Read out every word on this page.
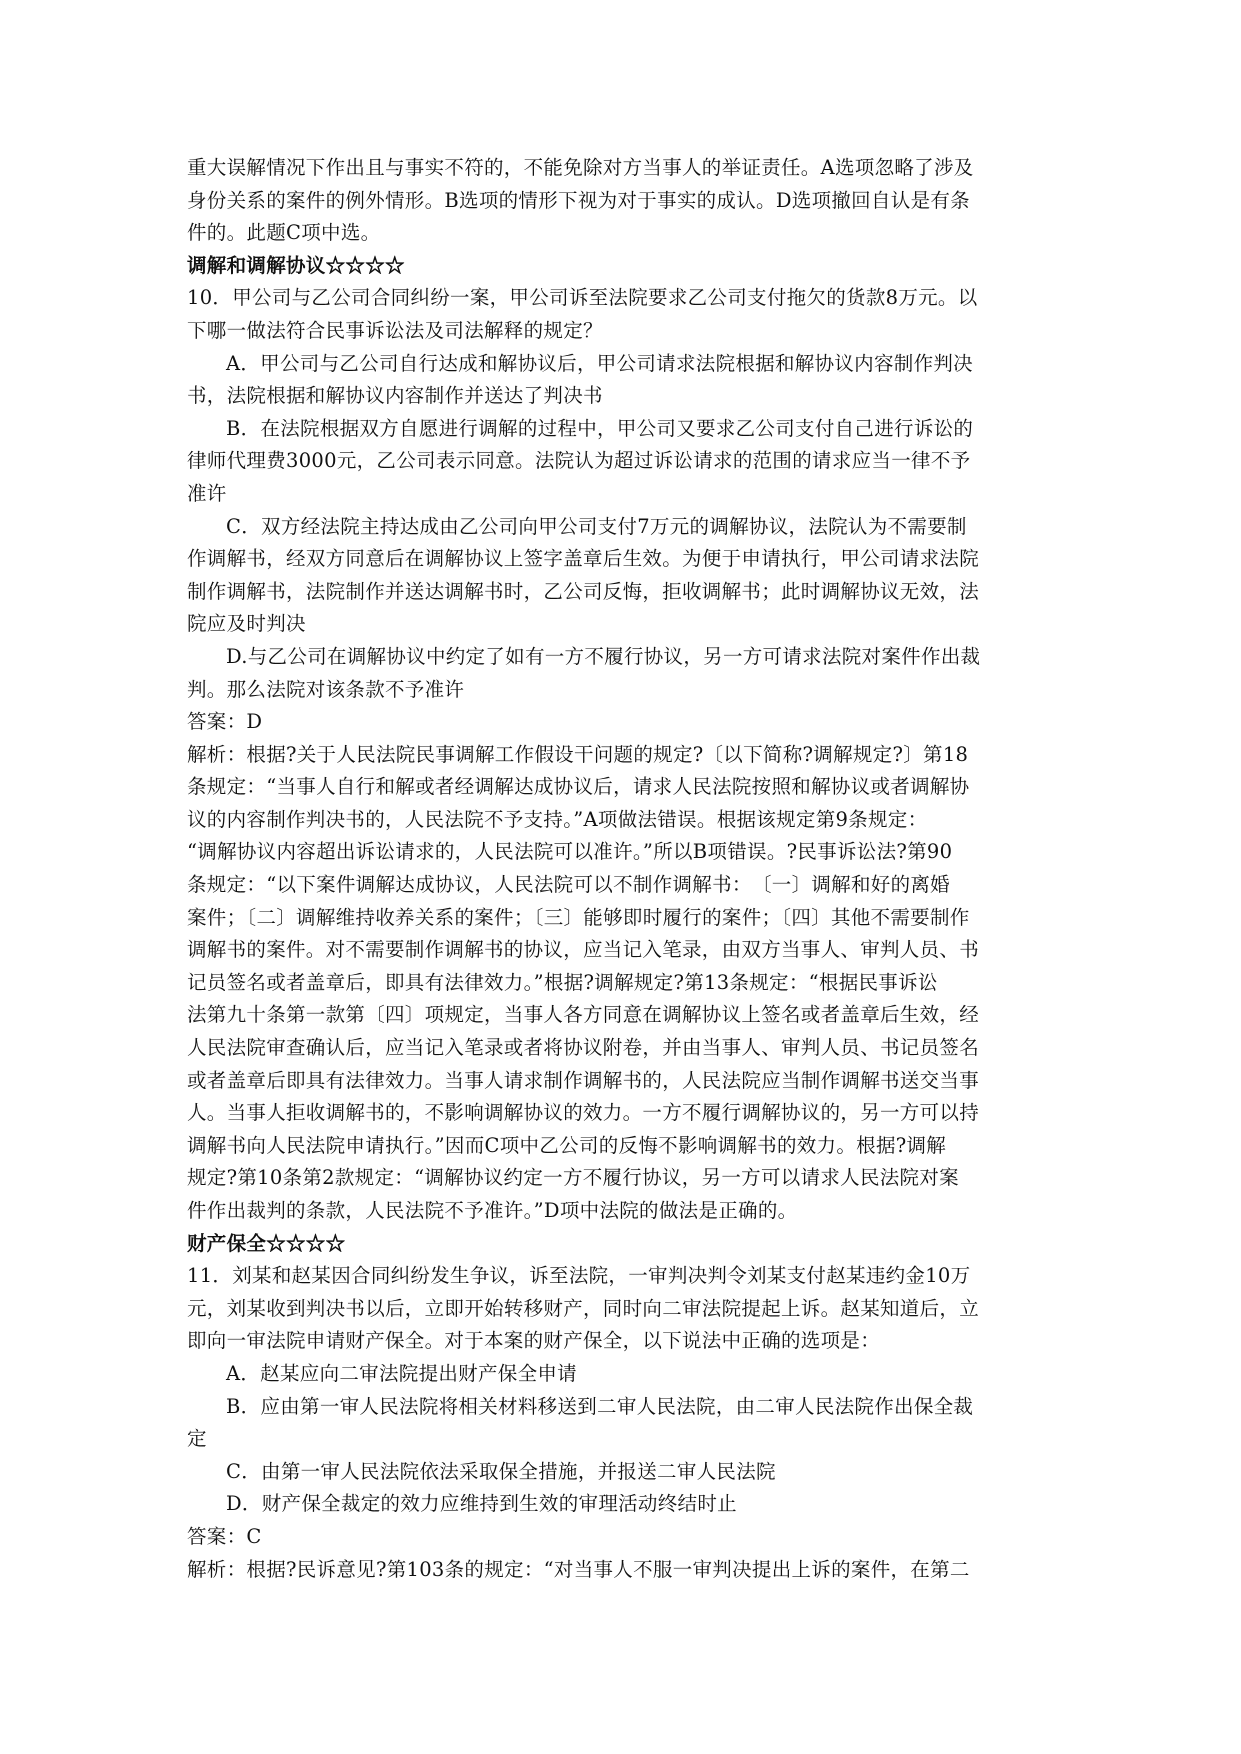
重大误解情况下作出且与事实不符的，不能免除对方当事人的举证责任。A选项忽略了涉及

身份关系的案件的例外情形。B选项的情形下视为对于事实的成认。D选项撤回自认是有条

件的。此题C项中选。

调解和调解协议☆☆☆☆

10．甲公司与乙公司合同纠纷一案，甲公司诉至法院要求乙公司支付拖欠的货款8万元。以

下哪一做法符合民事诉讼法及司法解释的规定？

A．甲公司与乙公司自行达成和解协议后，甲公司请求法院根据和解协议内容制作判决

书，法院根据和解协议内容制作并送达了判决书

B．在法院根据双方自愿进行调解的过程中，甲公司又要求乙公司支付自己进行诉讼的

律师代理费3000元，乙公司表示同意。法院认为超过诉讼请求的范围的请求应当一律不予

准许

C．双方经法院主持达成由乙公司向甲公司支付7万元的调解协议，法院认为不需要制

作调解书，经双方同意后在调解协议上签字盖章后生效。为便于申请执行，甲公司请求法院

制作调解书，法院制作并送达调解书时，乙公司反悔，拒收调解书；此时调解协议无效，法

院应及时判决

D.与乙公司在调解协议中约定了如有一方不履行协议，另一方可请求法院对案件作出裁

判。那么法院对该条款不予准许

答案：D

解析：根据?关于人民法院民事调解工作假设干问题的规定?〔以下简称?调解规定?〕第18

条规定：“当事人自行和解或者经调解达成协议后，请求人民法院按照和解协议或者调解协

议的内容制作判决书的，人民法院不予支持。”A项做法错误。根据该规定第9条规定：

“调解协议内容超出诉讼请求的，人民法院可以准许。”所以B项错误。?民事诉讼法?第90

条规定：“以下案件调解达成协议，人民法院可以不制作调解书：　〔一〕调解和好的离婚

案件；〔二〕调解维持收养关系的案件；〔三〕能够即时履行的案件；〔四〕其他不需要制作

调解书的案件。对不需要制作调解书的协议，应当记入笔录，由双方当事人、审判人员、书

记员签名或者盖章后，即具有法律效力。”根据?调解规定?第13条规定：“根据民事诉讼

法第九十条第一款第〔四〕项规定，当事人各方同意在调解协议上签名或者盖章后生效，经

人民法院审查确认后，应当记入笔录或者将协议附卷，并由当事人、审判人员、书记员签名

或者盖章后即具有法律效力。当事人请求制作调解书的，人民法院应当制作调解书送交当事

人。当事人拒收调解书的，不影响调解协议的效力。一方不履行调解协议的，另一方可以持

调解书向人民法院申请执行。”因而C项中乙公司的反悔不影响调解书的效力。根据?调解

规定?第10条第2款规定：“调解协议约定一方不履行协议，另一方可以请求人民法院对案

件作出裁判的条款，人民法院不予准许。”D项中法院的做法是正确的。

财产保全☆☆☆☆

11．刘某和赵某因合同纠纷发生争议，诉至法院，一审判决判令刘某支付赵某违约金10万

元，刘某收到判决书以后，立即开始转移财产，同时向二审法院提起上诉。赵某知道后，立

即向一审法院申请财产保全。对于本案的财产保全，以下说法中正确的选项是：

A．赵某应向二审法院提出财产保全申请

B．应由第一审人民法院将相关材料移送到二审人民法院，由二审人民法院作出保全裁

定

C．由第一审人民法院依法采取保全措施，并报送二审人民法院

D．财产保全裁定的效力应维持到生效的审理活动终结时止

答案：C

解析：根据?民诉意见?第103条的规定：“对当事人不服一审判决提出上诉的案件，在第二
